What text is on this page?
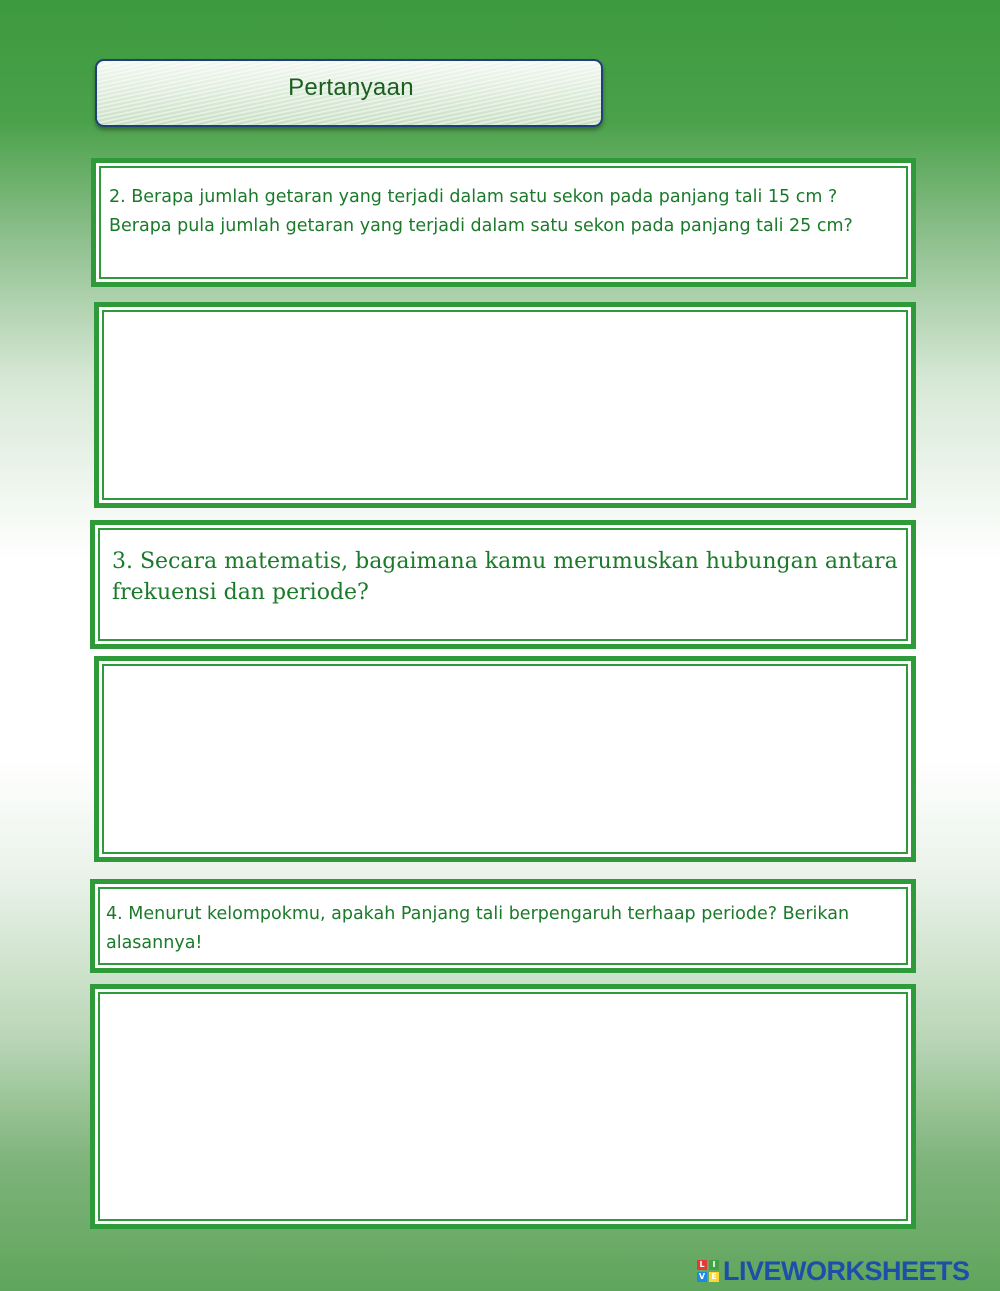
Pertanyaan

2. Berapa jumlah getaran yang terjadi dalam satu sekon pada panjang tali 15 cm ?
Berapa pula jumlah getaran yang terjadi dalam satu sekon pada panjang tali 25 cm?

3. Secara matematis, bagaimana kamu merumuskan hubungan antara
frekuensi dan periode?

4. Menurut kelompokmu, apakah Panjang tali berpengaruh terhaap periode? Berikan
alasannya!

L I
V E LIVEWORKSHEETS
